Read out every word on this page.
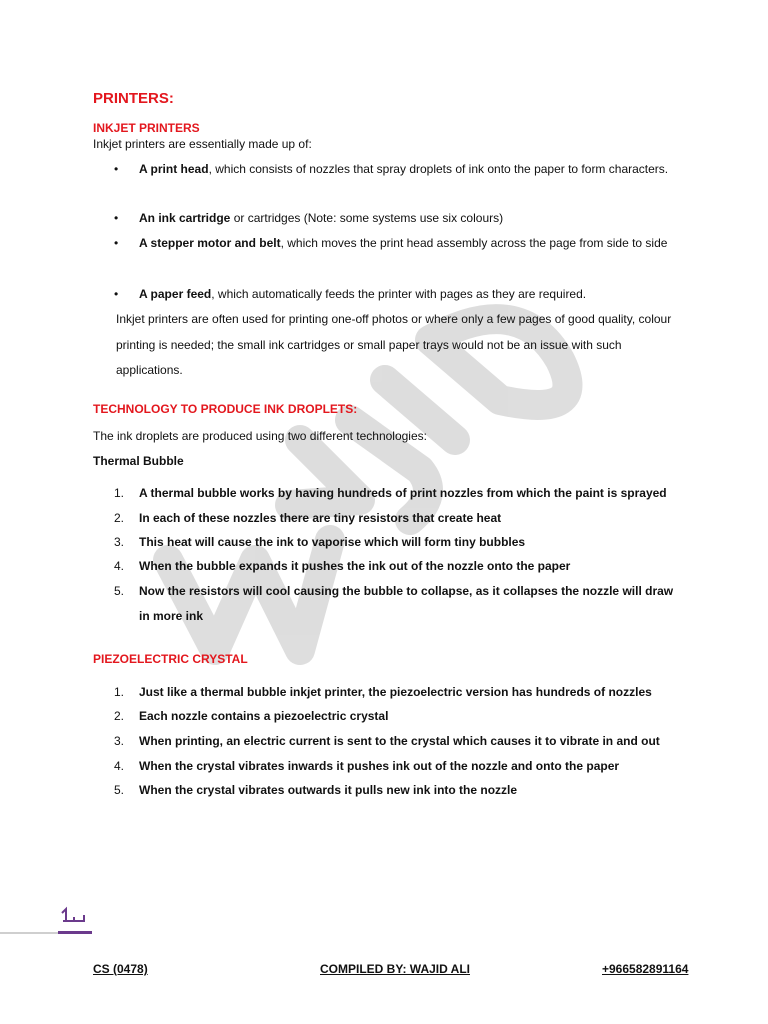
PRINTERS:
INKJET PRINTERS
Inkjet printers are essentially made up of:
• A print head, which consists of nozzles that spray droplets of ink onto the paper to form characters.
• An ink cartridge or cartridges (Note: some systems use six colours)
• A stepper motor and belt, which moves the print head assembly across the page from side to side
• A paper feed, which automatically feeds the printer with pages as they are required.
Inkjet printers are often used for printing one-off photos or where only a few pages of good quality, colour printing is needed; the small ink cartridges or small paper trays would not be an issue with such applications.
TECHNOLOGY TO PRODUCE INK DROPLETS:
The ink droplets are produced using two different technologies:
Thermal Bubble
1. A thermal bubble works by having hundreds of print nozzles from which the paint is sprayed
2. In each of these nozzles there are tiny resistors that create heat
3. This heat will cause the ink to vaporise which will form tiny bubbles
4. When the bubble expands it pushes the ink out of the nozzle onto the paper
5. Now the resistors will cool causing the bubble to collapse, as it collapses the nozzle will draw in more ink
PIEZOELECTRIC CRYSTAL
1. Just like a thermal bubble inkjet printer, the piezoelectric version has hundreds of nozzles
2. Each nozzle contains a piezoelectric crystal
3. When printing, an electric current is sent to the crystal which causes it to vibrate in and out
4. When the crystal vibrates inwards it pushes ink out of the nozzle and onto the paper
5. When the crystal vibrates outwards it pulls new ink into the nozzle
CS (0478)	COMPILED BY: WAJID ALI	+966582891164
